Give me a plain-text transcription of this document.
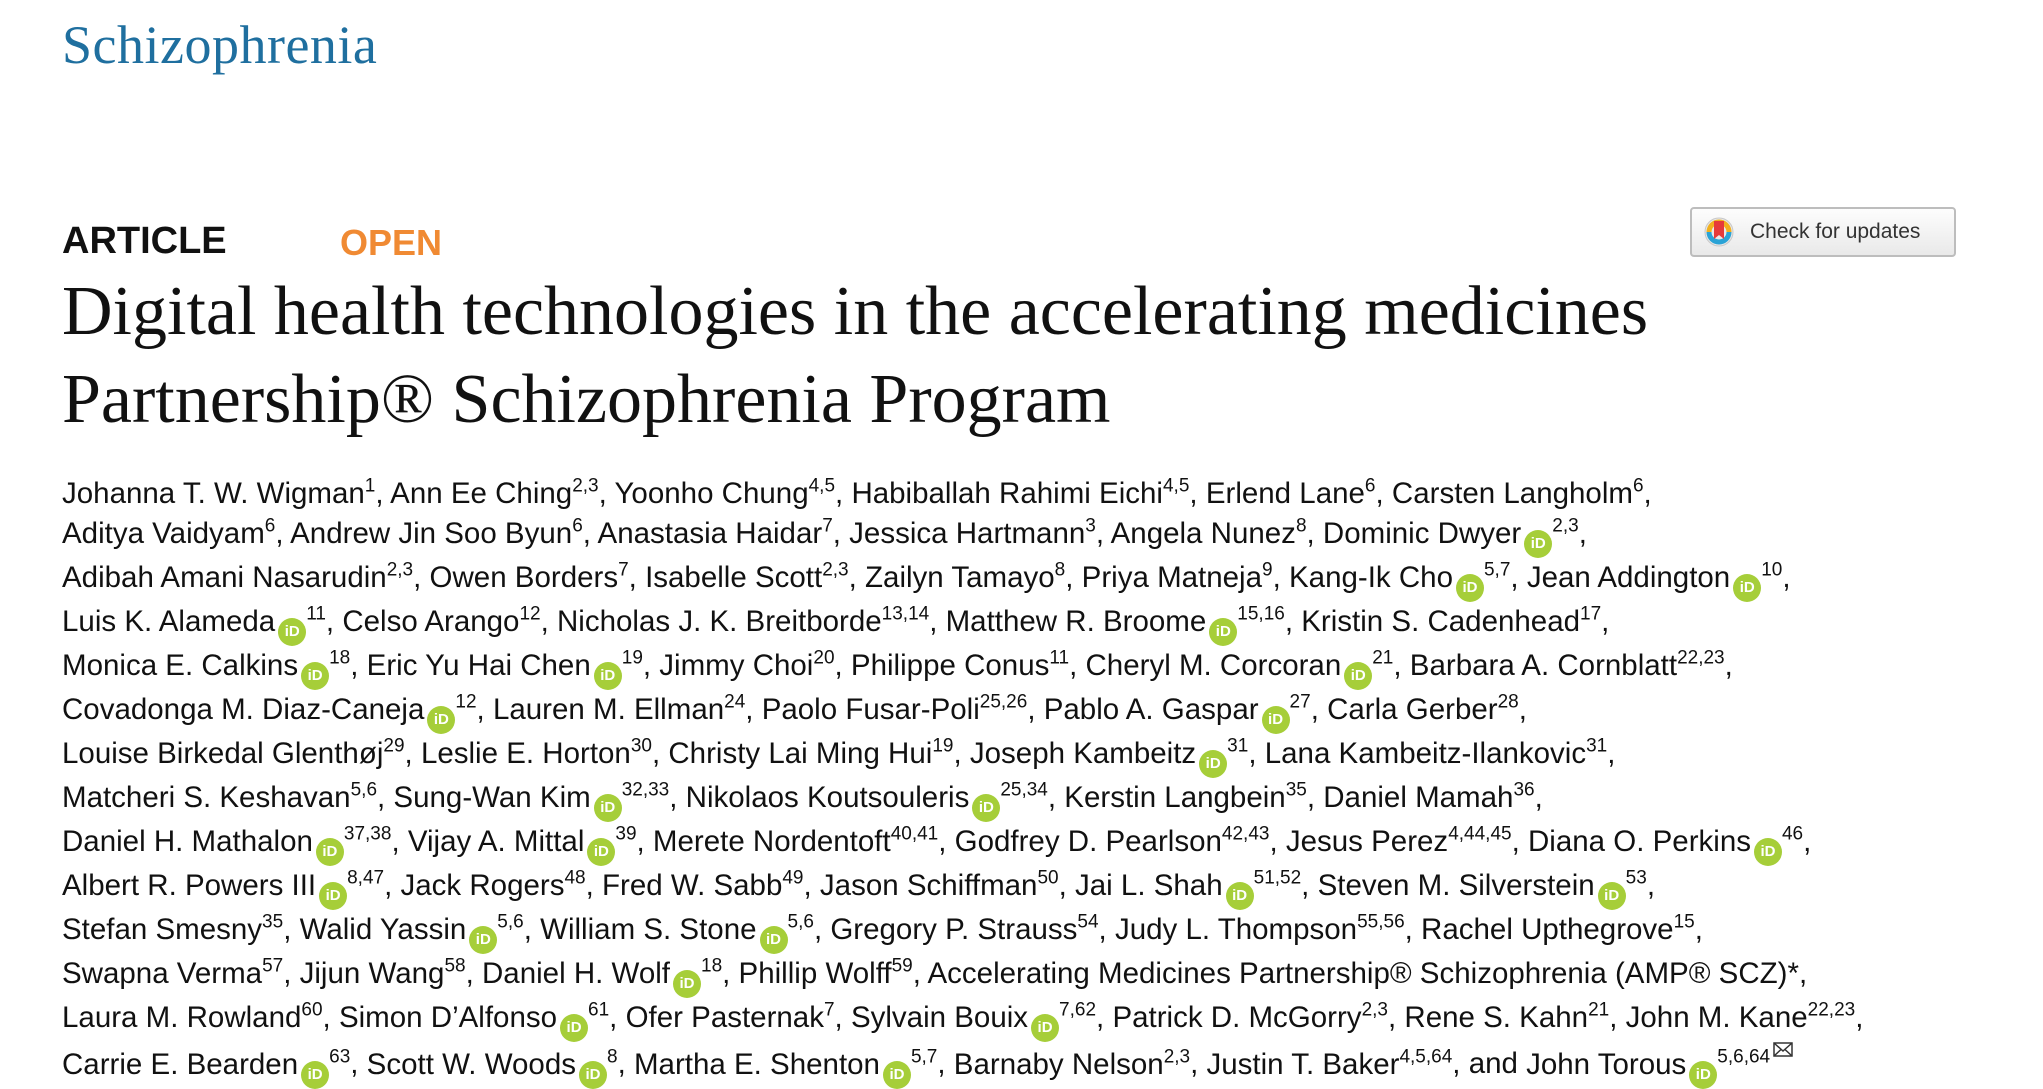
Schizophrenia
ARTICLE	OPEN	Check for updates
Digital health technologies in the accelerating medicines Partnership® Schizophrenia Program
Johanna T. W. Wigman$^1$, Ann Ee Ching$^{2,3}$, Yoonho Chung$^{4,5}$, Habiballah Rahimi Eichi$^{4,5}$, Erlend Lane$^6$, Carsten Langholm$^6$,
Aditya Vaidyam$^6$, Andrew Jin Soo Byun$^6$, Anastasia Haidar$^7$, Jessica Hartmann$^3$, Angela Nunez$^8$, Dominic Dwyer iD$^{2,3}$,
Adibah Amani Nasarudin$^{2,3}$, Owen Borders$^7$, Isabelle Scott$^{2,3}$, Zailyn Tamayo$^8$, Priya Matneja$^9$, Kang-Ik Cho iD$^{5,7}$, Jean Addington $iD^{10}$,
Luis K. Alameda $iD^{11}$, Celso Arango$^{12}$, Nicholas J. K. Breitborde$^{13,14}$, Matthew R. Broome iD$^{15,16}$, Kristin S. Cadenhead$^{17}$,
Monica E. Calkins $iD^{18}$, Eric Yu Hai Chen $iD^{19}$, Jimmy Choi$^{20}$, Philippe Conus$^{11}$, Cheryl M. Corcoran $iD^{21}$, Barbara A. Cornblatt$^{22,23}$,
Covadonga M. Diaz-Caneja $iD^{12}$, Lauren M. Ellman$^{24}$, Paolo Fusar-Poli$^{25,26}$, Pablo A. Gaspar $iD^{27}$, Carla Gerber$^{28}$,
Louise Birkedal Glenthøj$^{29}$, Leslie E. Horton$^{30}$, Christy Lai Ming Hui$^{19}$, Joseph Kambeitz $iD^{31}$, Lana Kambeitz-Ilankovic$^{31}$,
Matcheri S. Keshavan$^{5,6}$, Sung-Wan Kim iD$^{32,33}$, Nikolaos Koutsouleris iD$^{25,34}$, Kerstin Langbein$^{35}$, Daniel Mamah$^{36}$,
Daniel H. Mathalon iD$^{37,38}$, Vijay A. Mittal $iD^{39}$, Merete Nordentoft$^{40,41}$, Godfrey D. Pearlson$^{42,43}$, Jesus Perez$^{4,44,45}$, Diana O. Perkins $iD^{46}$,
Albert R. Powers III iD$^{8,47}$, Jack Rogers$^{48}$, Fred W. Sabb$^{49}$, Jason Schiffman$^{50}$, Jai L. Shah iD$^{51,52}$, Steven M. Silverstein $iD^{53}$,
Stefan Smesny$^{35}$, Walid Yassin iD$^{5,6}$, William S. Stone iD$^{5,6}$, Gregory P. Strauss$^{54}$, Judy L. Thompson$^{55,56}$, Rachel Upthegrove$^{15}$,
Swapna Verma$^{57}$, Jijun Wang$^{58}$, Daniel H. Wolf $iD^{18}$, Phillip Wolff$^{59}$, Accelerating Medicines Partnership® Schizophrenia (AMP® SCZ)*,
Laura M. Rowland$^{60}$, Simon D’Alfonso $iD^{61}$, Ofer Pasternak$^7$, Sylvain Bouix iD$^{7,62}$, Patrick D. McGorry$^{2,3}$, Rene S. Kahn$^{21}$, John M. Kane$^{22,23}$,
Carrie E. Bearden $iD^{63}$, Scott W. Woods $iD^8$, Martha E. Shenton iD$^{5,7}$, Barnaby Nelson$^{2,3}$, Justin T. Baker$^{4,5,64}$, and John Torous iD$^{5,6,64}$
